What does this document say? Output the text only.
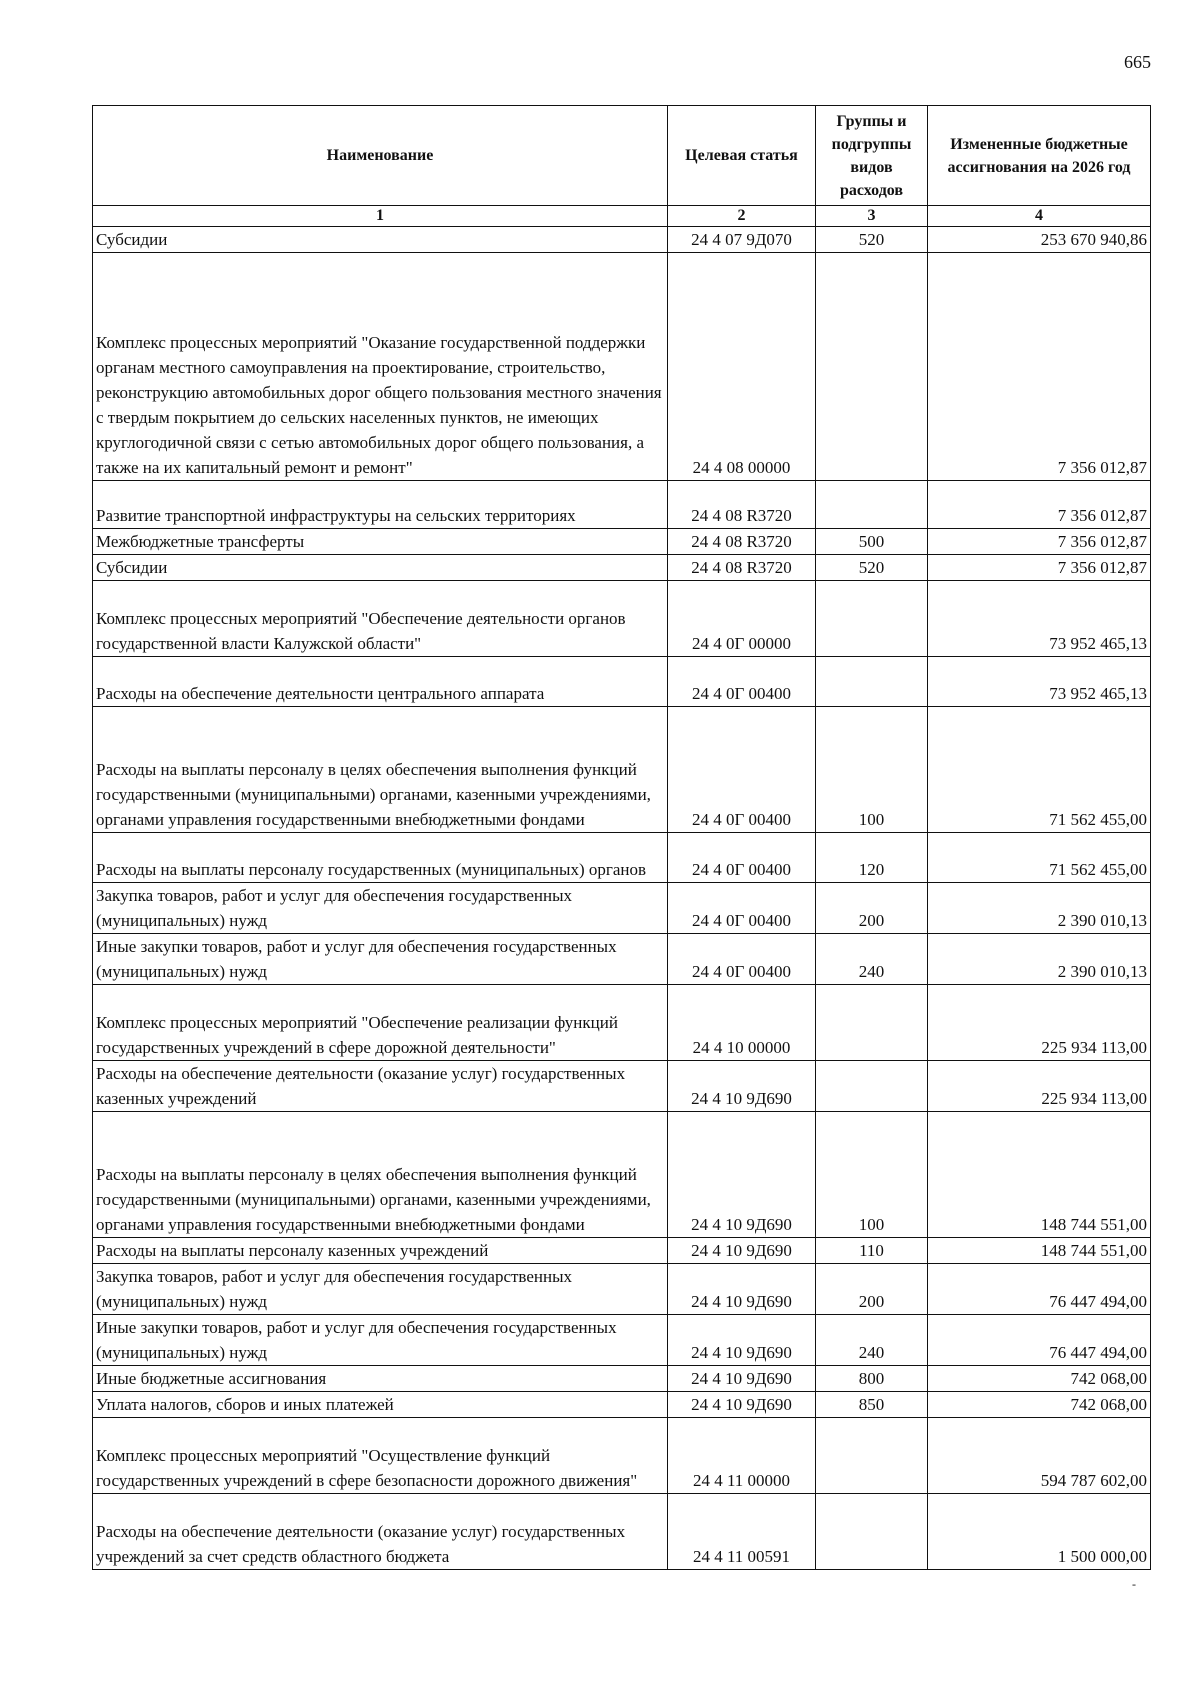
665
Наименование	Целевая статья	Группы и подгруппы видов расходов	Измененные бюджетные ассигнования на 2026 год
1	2	3	4
Субсидии	24 4 07 9Д070	520	253 670 940,86
Комплекс процессных мероприятий "Оказание государственной поддержки органам местного самоуправления на проектирование, строительство, реконструкцию автомобильных дорог общего пользования местного значения с твердым покрытием до сельских населенных пунктов, не имеющих круглогодичной связи с сетью автомобильных дорог общего пользования, а также на их капитальный ремонт и ремонт"	24 4 08 00000		7 356 012,87
Развитие транспортной инфраструктуры на сельских территориях	24 4 08 R3720		7 356 012,87
Межбюджетные трансферты	24 4 08 R3720	500	7 356 012,87
Субсидии	24 4 08 R3720	520	7 356 012,87
Комплекс процессных мероприятий "Обеспечение деятельности органов государственной власти Калужской области"	24 4 0Г 00000		73 952 465,13
Расходы на обеспечение деятельности центрального аппарата	24 4 0Г 00400		73 952 465,13
Расходы на выплаты персоналу в целях обеспечения выполнения функций государственными (муниципальными) органами, казенными учреждениями, органами управления государственными внебюджетными фондами	24 4 0Г 00400	100	71 562 455,00
Расходы на выплаты персоналу государственных (муниципальных) органов	24 4 0Г 00400	120	71 562 455,00
Закупка товаров, работ и услуг для обеспечения государственных (муниципальных) нужд	24 4 0Г 00400	200	2 390 010,13
Иные закупки товаров, работ и услуг для обеспечения государственных (муниципальных) нужд	24 4 0Г 00400	240	2 390 010,13
Комплекс процессных мероприятий "Обеспечение реализации функций государственных учреждений в сфере дорожной деятельности"	24 4 10 00000		225 934 113,00
Расходы на обеспечение деятельности (оказание услуг) государственных казенных учреждений	24 4 10 9Д690		225 934 113,00
Расходы на выплаты персоналу в целях обеспечения выполнения функций государственными (муниципальными) органами, казенными учреждениями, органами управления государственными внебюджетными фондами	24 4 10 9Д690	100	148 744 551,00
Расходы на выплаты персоналу казенных учреждений	24 4 10 9Д690	110	148 744 551,00
Закупка товаров, работ и услуг для обеспечения государственных (муниципальных) нужд	24 4 10 9Д690	200	76 447 494,00
Иные закупки товаров, работ и услуг для обеспечения государственных (муниципальных) нужд	24 4 10 9Д690	240	76 447 494,00
Иные бюджетные ассигнования	24 4 10 9Д690	800	742 068,00
Уплата налогов, сборов и иных платежей	24 4 10 9Д690	850	742 068,00
Комплекс процессных мероприятий "Осуществление функций государственных учреждений в сфере безопасности дорожного движения"	24 4 11 00000		594 787 602,00
Расходы на обеспечение деятельности (оказание услуг) государственных учреждений за счет средств областного бюджета	24 4 11 00591		1 500 000,00
-
